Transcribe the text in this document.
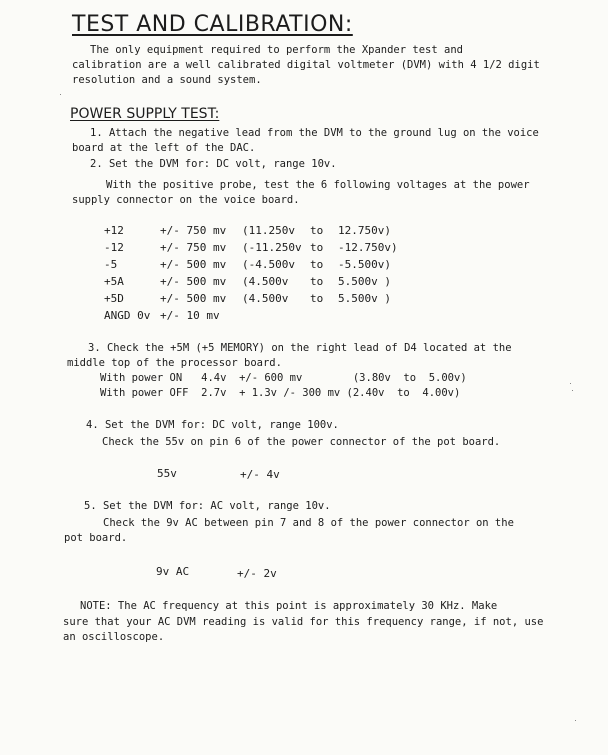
TEST AND CALIBRATION:
The only equipment required to perform the Xpander test and
calibration are a well calibrated digital voltmeter (DVM) with 4 1/2 digit
resolution and a sound system.
POWER SUPPLY TEST:
1. Attach the negative lead from the DVM to the ground lug on the voice
board at the left of the DAC.
2. Set the DVM for: DC volt, range 10v.
With the positive probe, test the 6 following voltages at the power
supply connector on the voice board.
+12	+/- 750 mv	(11.250v	to	12.750v)
-12	+/- 750 mv	(-11.250v	to	-12.750v)
-5	+/- 500 mv	(-4.500v	to	-5.500v)
+5A	+/- 500 mv	(4.500v	to	5.500v )
+5D	+/- 500 mv	(4.500v	to	5.500v )
ANGD 0v	+/- 10 mv			
3. Check the +5M (+5 MEMORY) on the right lead of D4 located at the
middle top of the processor board.
With power ON   4.4v  +/- 600 mv        (3.80v  to  5.00v)
With power OFF  2.7v  + 1.3v /- 300 mv (2.40v  to  4.00v)
4. Set the DVM for: DC volt, range 100v.
Check the 55v on pin 6 of the power connector of the pot board.
55v	+/- 4v
5. Set the DVM for: AC volt, range 10v.
Check the 9v AC between pin 7 and 8 of the power connector on the
pot board.
9v AC	+/- 2v
NOTE: The AC frequency at this point is approximately 30 KHz. Make
sure that your AC DVM reading is valid for this frequency range, if not, use
an oscilloscope.
